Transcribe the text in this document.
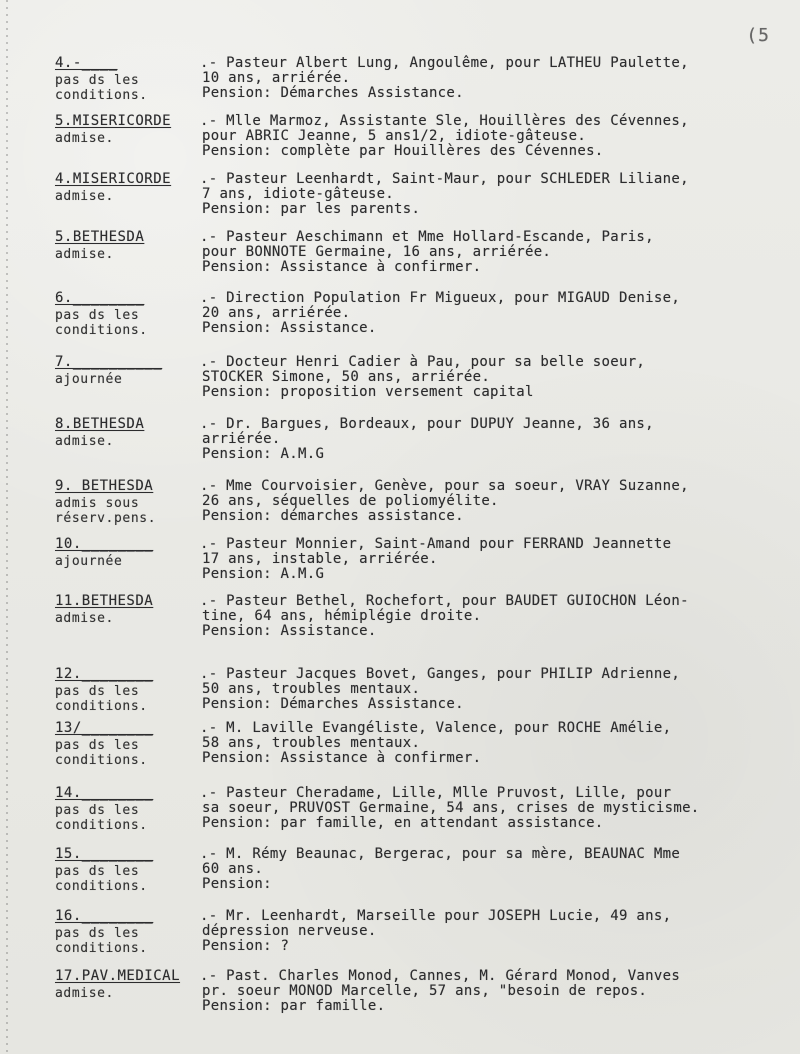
(5
4.-____
pas ds les conditions.
.- Pasteur Albert Lung, Angoulême, pour LATHEU Paulette,
10 ans, arriérée.
Pension: Démarches Assistance.
5.MISERICORDE
admise.
.- Mlle Marmoz, Assistante Sle, Houillères des Cévennes,
pour ABRIC Jeanne, 5 ans1/2, idiote-gâteuse.
Pension: complète par Houillères des Cévennes.
4.MISERICORDE
admise.
.- Pasteur Leenhardt, Saint-Maur, pour SCHLEDER Liliane,
7 ans, idiote-gâteuse.
Pension: par les parents.
5.BETHESDA
admise.
.- Pasteur Aeschimann et Mme Hollard-Escande, Paris,
pour BONNOTE Germaine, 16 ans, arriérée.
Pension: Assistance à confirmer.
6.________
pas ds les conditions.
.- Direction Population Fr Migueux, pour MIGAUD Denise,
20 ans, arriérée.
Pension: Assistance.
7.__________
ajournée
.- Docteur Henri Cadier à Pau, pour sa belle soeur,
STOCKER Simone, 50 ans, arriérée.
Pension: proposition versement capital
8.BETHESDA
admise.
.- Dr. Bargues, Bordeaux, pour DUPUY Jeanne, 36 ans,
arriérée.
Pension: A.M.G
9. BETHESDA
admis sous réserv.pens.
.- Mme Courvoisier, Genève, pour sa soeur, VRAY Suzanne,
26 ans, séquelles de poliomyélite.
Pension: démarches assistance.
10.________
ajournée
.- Pasteur Monnier, Saint-Amand pour FERRAND Jeannette
17 ans, instable, arriérée.
Pension: A.M.G
11.BETHESDA
admise.
.- Pasteur Bethel, Rochefort, pour BAUDET GUIOCHON Léon-
tine, 64 ans, hémiplégie droite.
Pension: Assistance.
12.________
pas ds les conditions.
.- Pasteur Jacques Bovet, Ganges, pour PHILIP Adrienne,
50 ans, troubles mentaux.
Pension: Démarches Assistance.
13/________
pas ds les conditions.
.- M. Laville Evangéliste, Valence, pour ROCHE Amélie,
58 ans, troubles mentaux.
Pension: Assistance à confirmer.
14.________
pas ds les conditions.
.- Pasteur Cheradame, Lille, Mlle Pruvost, Lille, pour
sa soeur, PRUVOST Germaine, 54 ans, crises de mysticisme.
Pension: par famille, en attendant assistance.
15.________
pas ds les conditions.
.- M. Rémy Beaunac, Bergerac, pour sa mère, BEAUNAC Mme
60 ans.
Pension:
16.________
pas ds les conditions.
.- Mr. Leenhardt, Marseille pour JOSEPH Lucie, 49 ans,
dépression nerveuse.
Pension: ?
17.PAV.MEDICAL
admise.
.- Past. Charles Monod, Cannes, M. Gérard Monod, Vanves
pr. soeur MONOD Marcelle, 57 ans, "besoin de repos.
Pension: par famille.
